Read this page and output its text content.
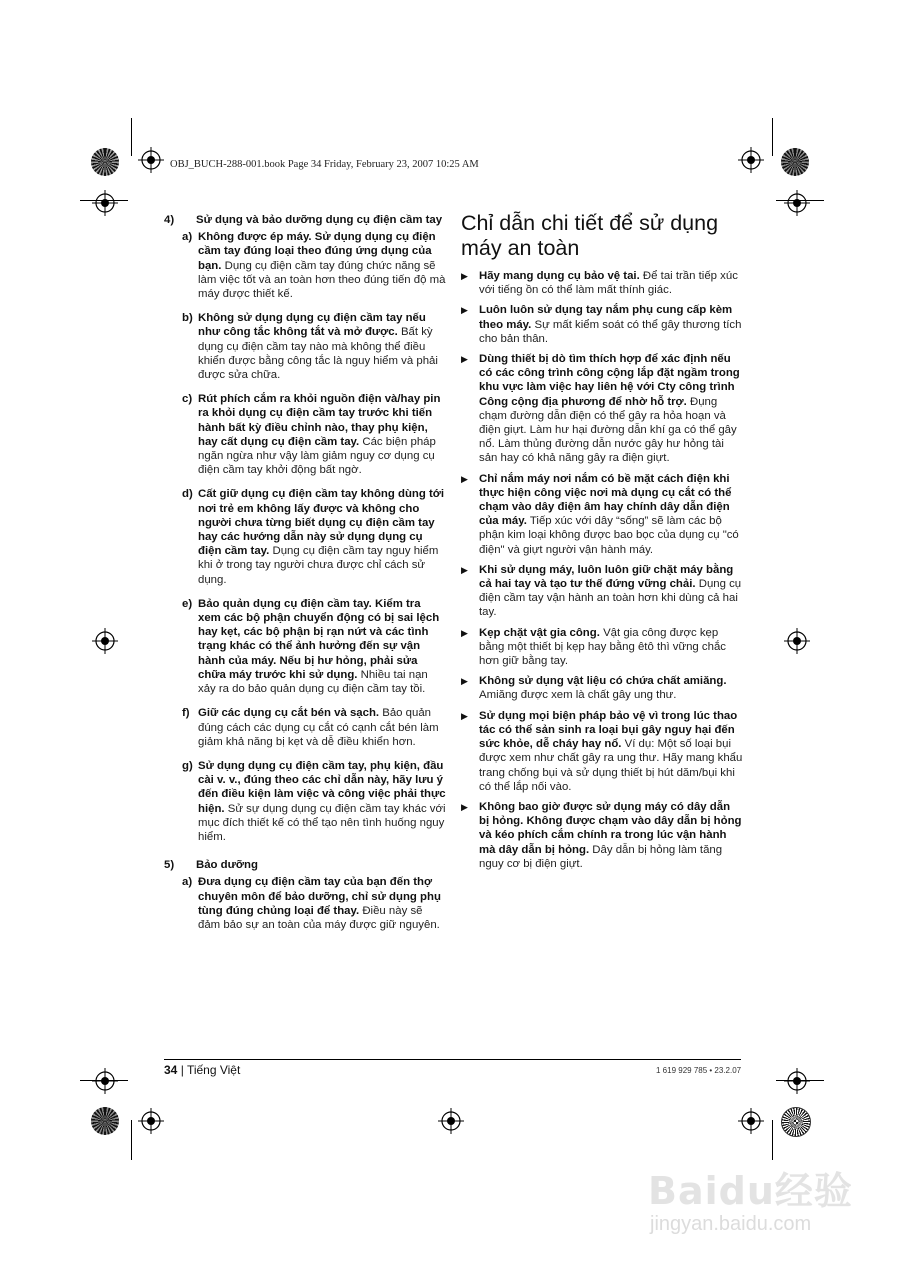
OBJ_BUCH-288-001.book Page 34 Friday, February 23, 2007 10:25 AM
4)	Sử dụng và bảo dưỡng dụng cụ điện cầm tay
a) Không được ép máy. Sử dụng dụng cụ điện cầm tay đúng loại theo đúng ứng dụng của bạn. Dụng cụ điện cầm tay đúng chức năng sẽ làm việc tốt và an toàn hơn theo đúng tiến độ mà máy được thiết kế.
b) Không sử dụng dụng cụ điện cầm tay nếu như công tắc không tắt và mở được. Bất kỳ dụng cụ điện cầm tay nào mà không thể điều khiển được bằng công tắc là nguy hiểm và phải được sửa chữa.
c) Rút phích cắm ra khỏi nguồn điện và/hay pin ra khỏi dụng cụ điện cầm tay trước khi tiến hành bất kỳ điều chỉnh nào, thay phụ kiện, hay cất dụng cụ điện cầm tay. Các biện pháp ngăn ngừa như vậy làm giảm nguy cơ dụng cụ điện cầm tay khởi động bất ngờ.
d) Cất giữ dụng cụ điện cầm tay không dùng tới nơi trẻ em không lấy được và không cho người chưa từng biết dụng cụ điện cầm tay hay các hướng dẫn này sử dụng dụng cụ điện cầm tay. Dụng cụ điện cầm tay nguy hiểm khi ở trong tay người chưa được chỉ cách sử dụng.
e) Bảo quản dụng cụ điện cầm tay. Kiểm tra xem các bộ phận chuyển động có bị sai lệch hay kẹt, các bộ phận bị rạn nứt và các tình trạng khác có thể ảnh hưởng đến sự vận hành của máy. Nếu bị hư hỏng, phải sửa chữa máy trước khi sử dụng. Nhiều tai nạn xảy ra do bảo quản dụng cụ điện cầm tay tồi.
f) Giữ các dụng cụ cắt bén và sạch. Bảo quản đúng cách các dụng cụ cắt có cạnh cắt bén làm giảm khả năng bị kẹt và dễ điều khiển hơn.
g) Sử dụng dụng cụ điện cầm tay, phụ kiện, đầu cài v. v., đúng theo các chỉ dẫn này, hãy lưu ý đến điều kiện làm việc và công việc phải thực hiện. Sử sự dụng dụng cụ điện cầm tay khác với mục đích thiết kế có thể tạo nên tình huống nguy hiểm.
5)	Bảo dưỡng
a) Đưa dụng cụ điện cầm tay của bạn đến thợ chuyên môn để bảo dưỡng, chỉ sử dụng phụ tùng đúng chủng loại để thay. Điều này sẽ đảm bảo sự an toàn của máy được giữ nguyên.
Chỉ dẫn chi tiết để sử dụng máy an toàn
▶ Hãy mang dụng cụ bảo vệ tai. Để tai trần tiếp xúc với tiếng ồn có thể làm mất thính giác.
▶ Luôn luôn sử dụng tay nắm phụ cung cấp kèm theo máy. Sự mất kiểm soát có thể gây thương tích cho bản thân.
▶ Dùng thiết bị dò tìm thích hợp để xác định nếu có các công trình công cộng lắp đặt ngầm trong khu vực làm việc hay liên hệ với Cty công trình Công cộng địa phương để nhờ hỗ trợ. Đụng chạm đường dẫn điện có thể gây ra hỏa hoạn và điện giựt. Làm hư hại đường dẫn khí ga có thể gây nổ. Làm thủng đường dẫn nước gây hư hỏng tài sản hay có khả năng gây ra điện giựt.
▶ Chỉ nắm máy nơi nắm có bề mặt cách điện khi thực hiện công việc nơi mà dụng cụ cắt có thể chạm vào dây điện âm hay chính dây dẫn điện của máy. Tiếp xúc với dây “sống” sẽ làm các bộ phận kim loại không được bao bọc của dụng cụ "có điện" và giựt người vận hành máy.
▶ Khi sử dụng máy, luôn luôn giữ chặt máy bằng cả hai tay và tạo tư thế đứng vững chải. Dụng cụ điện cầm tay vận hành an toàn hơn khi dùng cả hai tay.
▶ Kẹp chặt vật gia công. Vật gia công được kẹp bằng một thiết bị kẹp hay bằng êtô thì vững chắc hơn giữ bằng tay.
▶ Không sử dụng vật liệu có chứa chất amiăng. Amiăng được xem là chất gây ung thư.
▶ Sử dụng mọi biện pháp bảo vệ vì trong lúc thao tác có thể sản sinh ra loại bụi gây nguy hại đến sức khỏe, dễ cháy hay nổ. Ví dụ: Một số loại bụi được xem như chất gây ra ung thư. Hãy mang khẩu trang chống bụi và sử dụng thiết bị hút dăm/bụi khi có thể lắp nối vào.
▶ Không bao giờ được sử dụng máy có dây dẫn bị hỏng. Không được chạm vào dây dẫn bị hỏng và kéo phích cắm chính ra trong lúc vận hành mà dây dẫn bị hỏng. Dây dẫn bị hỏng làm tăng nguy cơ bị điện giựt.
34 | Tiếng Việt	1 619 929 785 • 23.2.07
Baidu经验
jingyan.baidu.com
